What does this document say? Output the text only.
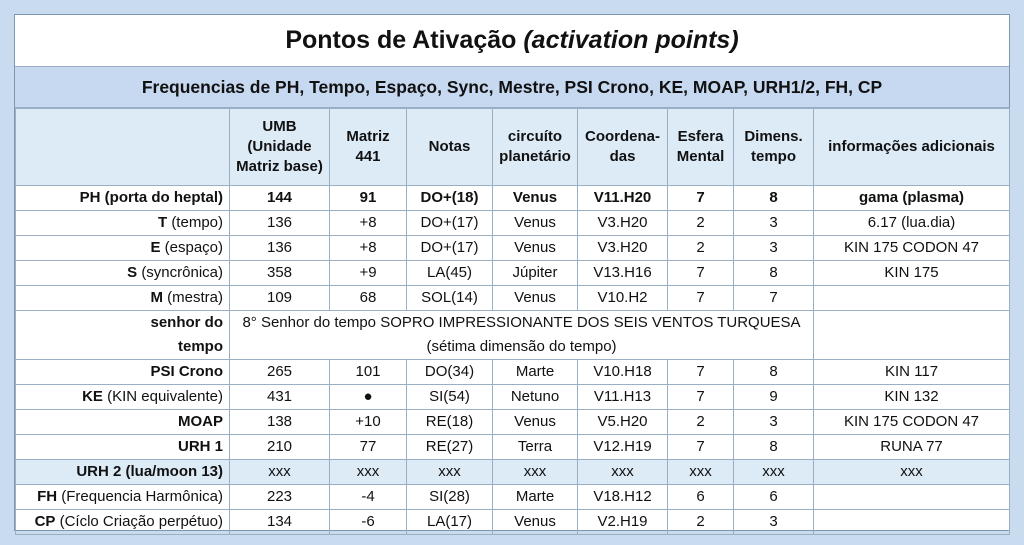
Pontos de Ativação (activation points)
Frequencias de PH, Tempo, Espaço, Sync, Mestre, PSI Crono, KE, MOAP, URH1/2, FH, CP
	UMB (Unidade Matriz base)	Matriz 441	Notas	circuíto planetário	Coordena-das	Esfera Mental	Dimens. tempo	informações adicionais
PH (porta do heptal)	144	91	DO+(18)	Venus	V11.H20	7	8	gama (plasma)
T (tempo)	136	+8	DO+(17)	Venus	V3.H20	2	3	6.17 (lua.dia)
E (espaço)	136	+8	DO+(17)	Venus	V3.H20	2	3	KIN 175 CODON 47
S (syncrônica)	358	+9	LA(45)	Júpiter	V13.H16	7	8	KIN 175
M (mestra)	109	68	SOL(14)	Venus	V10.H2	7	7	
senhor do	8° Senhor do tempo SOPRO IMPRESSIONANTE DOS SEIS VENTOS TURQUESA							
tempo	(sétima dimensão do tempo)							
PSI Crono	265	101	DO(34)	Marte	V10.H18	7	8	KIN 117
KE (KIN equivalente)	431	●	SI(54)	Netuno	V11.H13	7	9	KIN 132
MOAP	138	+10	RE(18)	Venus	V5.H20	2	3	KIN 175 CODON 47
URH 1	210	77	RE(27)	Terra	V12.H19	7	8	RUNA 77
URH 2 (lua/moon 13)	xxx	xxx	xxx	xxx	xxx	xxx	xxx	xxx
FH (Frequencia Harmônica)	223	-4	SI(28)	Marte	V18.H12	6	6	
CP (Cíclo Criação perpétuo)	134	-6	LA(17)	Venus	V2.H19	2	3	
